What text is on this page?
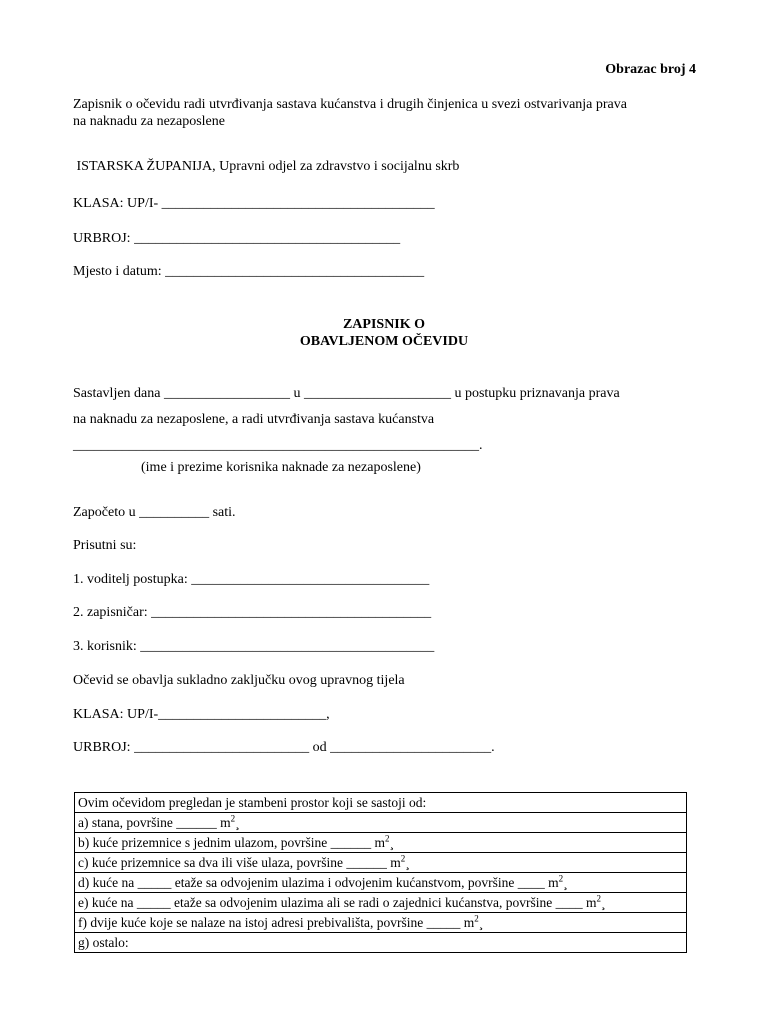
Obrazac broj 4
Zapisnik o očevidu radi utvrđivanja sastava kućanstva i drugih činjenica u svezi ostvarivanja prava
na naknadu za nezaposlene
ISTARSKA ŽUPANIJA, Upravni odjel za zdravstvo i socijalnu skrb
KLASA: UP/I- _______________________________________
URBROJ: ______________________________________
Mjesto i datum: _____________________________________
ZAPISNIK O
OBAVLJENOM OČEVIDU
Sastavljen dana __________________ u _____________________ u postupku priznavanja prava
na naknadu za nezaposlene, a radi utvrđivanja sastava kućanstva
__________________________________________________________.
(ime i prezime korisnika naknade za nezaposlene)
Započeto u __________ sati.
Prisutni su:
1. voditelj postupka: __________________________________
2. zapisničar: ________________________________________
3. korisnik: __________________________________________
Očevid se obavlja sukladno zaključku ovog upravnog tijela
KLASA: UP/I-________________________,
URBROJ: _________________________ od _______________________.
Ovim očevidom pregledan je stambeni prostor koji se sastoji od:
a) stana, površine ______ $m^2¸$
b) kuće prizemnice s jednim ulazom, površine ______ $m^2¸$
c) kuće prizemnice sa dva ili više ulaza, površine ______ $m^2¸$
d) kuće na _____ etaže sa odvojenim ulazima i odvojenim kućanstvom, površine ____ $m^2¸$
e) kuće na _____ etaže sa odvojenim ulazima ali se radi o zajednici kućanstva, površine ____ $m^2¸$
f) dvije kuće koje se nalaze na istoj adresi prebivališta, površine _____ $m^2¸$
g) ostalo:
